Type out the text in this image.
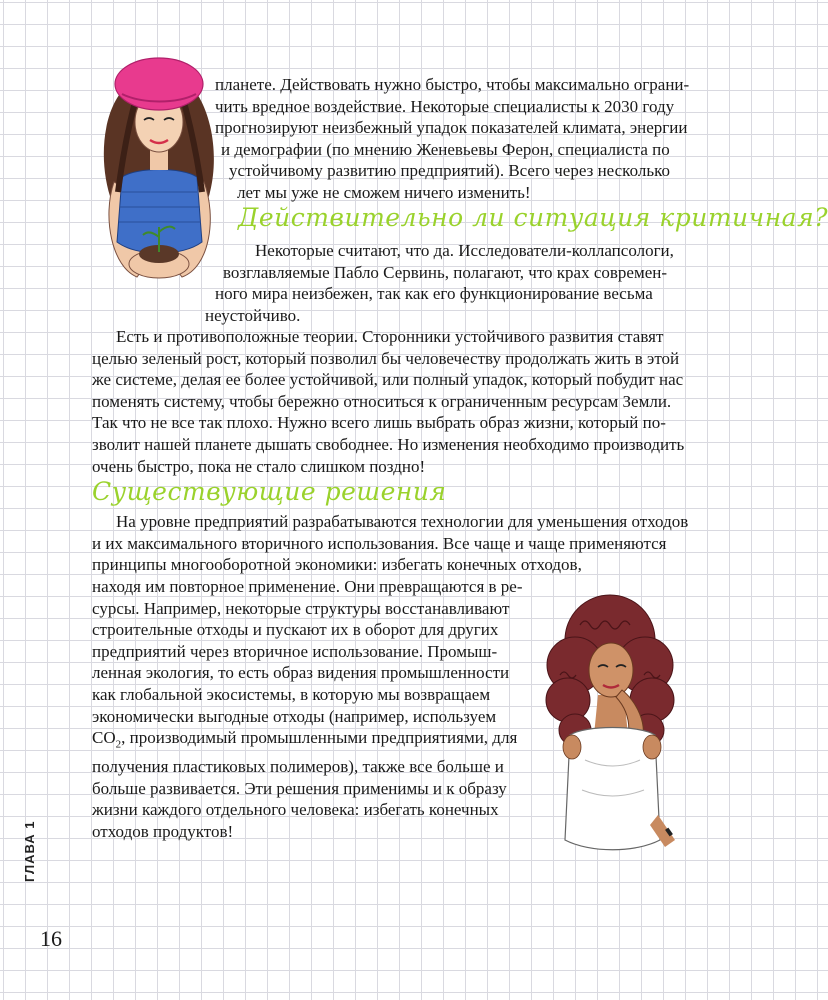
планете. Действовать нужно быстро, чтобы максимально ограни-
чить вредное воздействие. Некоторые специалисты к 2030 году
прогнозируют неизбежный упадок показателей климата, энергии
и демографии (по мнению Женевьевы Ферон, специалиста по
устойчивому развитию предприятий). Всего через несколько
лет мы уже не сможем ничего изменить!
Действительно ли ситуация критичная?
Некоторые считают, что да. Исследователи-коллапсологи,
возглавляемые Пабло Сервинь, полагают, что крах современ-
ного мира неизбежен, так как его функционирование весьма
неустойчиво.
Есть и противоположные теории. Сторонники устойчивого развития ставят
целью зеленый рост, который позволил бы человечеству продолжать жить в этой
же системе, делая ее более устойчивой, или полный упадок, который побудит нас
поменять систему, чтобы бережно относиться к ограниченным ресурсам Земли.
Так что не все так плохо. Нужно всего лишь выбрать образ жизни, который по-
зволит нашей планете дышать свободнее. Но изменения необходимо производить
очень быстро, пока не стало слишком поздно!
Существующие решения
На уровне предприятий разрабатываются технологии для уменьшения отходов
и их максимального вторичного использования. Все чаще и чаще применяются
принципы многооборотной экономики: избегать конечных отходов,
находя им повторное применение. Они превращаются в ре-
сурсы. Например, некоторые структуры восстанавливают
строительные отходы и пускают их в оборот для других
предприятий через вторичное использование. Промыш-
ленная экология, то есть образ видения промышленности
как глобальной экосистемы, в которую мы возвращаем
экономически выгодные отходы (например, используем
$CO_2$, производимый промышленными предприятиями, для
получения пластиковых полимеров), также все больше и
больше развивается. Эти решения применимы и к образу
жизни каждого отдельного человека: избегать конечных
отходов продуктов!
ГЛАВА 1
16
